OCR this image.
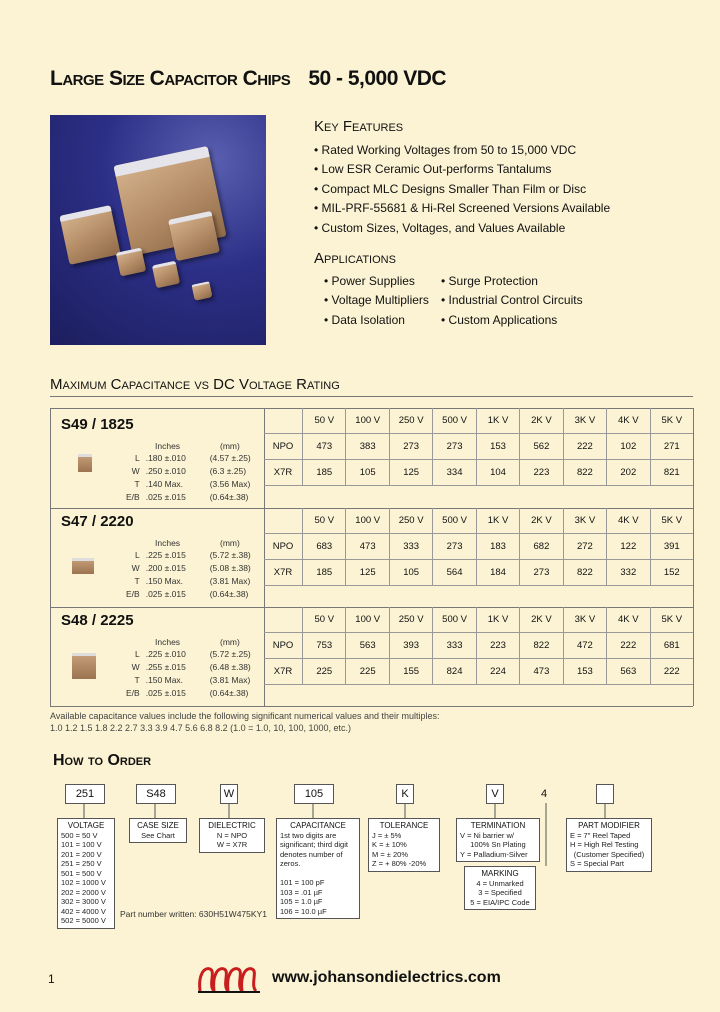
Large Size Capacitor Chips 50 - 5,000 VDC
Key Features
• Rated Working Voltages from 50 to 15,000 VDC
• Low ESR Ceramic Out-performs Tantalums
• Compact MLC Designs Smaller Than Film or Disc
• MIL-PRF-55681 & Hi-Rel Screened Versions Available
• Custom Sizes, Voltages, and Values Available
Applications
• Power Supplies	• Surge Protection
• Voltage Multipliers	• Industrial Control Circuits
• Data Isolation	• Custom Applications
Maximum Capacitance vs DC Voltage Rating
S49 / 1825
Inches	(mm)
L	.180 ±.010	(4.57 ±.25)
W	.250 ±.010	(6.3 ±.25)
T	.140 Max.	(3.56 Max)
E/B	.025 ±.015	(0.64±.38)
	50 V	100 V	250 V	500 V	1K V	2K V	3K V	4K V	5K V
NPO	473	383	273	273	153	562	222	102	271
X7R	185	105	125	334	104	223	822	202	821
S47 / 2220
Inches	(mm)
L	.225 ±.015	(5.72 ±.38)
W	.200 ±.015	(5.08 ±.38)
T	.150 Max.	(3.81 Max)
E/B	.025 ±.015	(0.64±.38)
	50 V	100 V	250 V	500 V	1K V	2K V	3K V	4K V	5K V
NPO	683	473	333	273	183	682	272	122	391
X7R	185	125	105	564	184	273	822	332	152
S48 / 2225
Inches	(mm)
L	.225 ±.010	(5.72 ±.25)
W	.255 ±.015	(6.48 ±.38)
T	.150 Max.	(3.81 Max)
E/B	.025 ±.015	(0.64±.38)
	50 V	100 V	250 V	500 V	1K V	2K V	3K V	4K V	5K V
NPO	753	563	393	333	223	822	472	222	681
X7R	225	225	155	824	224	473	153	563	222
Available capacitance values include the following significant numerical values and their multiples:
1.0 1.2 1.5 1.8 2.2 2.7 3.3 3.9 4.7 5.6 6.8 8.2 (1.0 = 1.0, 10, 100, 1000, etc.)
How to Order
251	S48	W	105	K	V	4
VOLTAGE
500 = 50 V
101 = 100 V
201 = 200 V
251 = 250 V
501 = 500 V
102 = 1000 V
202 = 2000 V
302 = 3000 V
402 = 4000 V
502 = 5000 V
CASE SIZE
See Chart
DIELECTRIC
N = NPO
W = X7R
CAPACITANCE
1st two digits are
significant; third digit
denotes number of
zeros.
101 = 100 pF
103 = .01 µF
105 = 1.0 µF
106 = 10.0 µF
TOLERANCE
J = ± 5%
K = ± 10%
M = ± 20%
Z = + 80% -20%
TERMINATION
V = Ni barrier w/
100% Sn Plating
Y = Palladium-Silver
PART MODIFIER
E = 7" Reel Taped
H = High Rel Testing
(Customer Specified)
S = Special Part
MARKING
4 = Unmarked
3 = Specified
5 = EIA/IPC Code
Part number written: 630H51W475KY1
1	www.johansondielectrics.com
